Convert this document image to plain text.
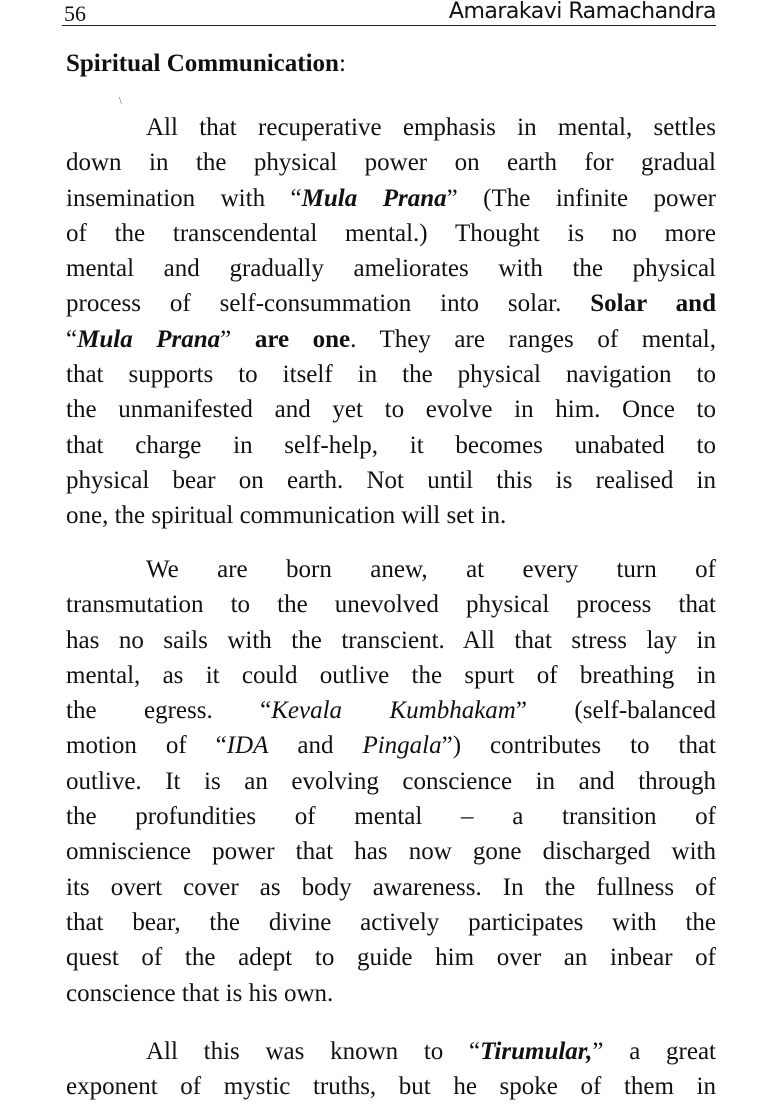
56	Amarakavi Ramachandra
Spiritual Communication:
\
All that recuperative emphasis in mental, settles
down in the physical power on earth for gradual
insemination with “Mula Prana” (The infinite power
of the transcendental mental.) Thought is no more
mental and gradually ameliorates with the physical
process of self-consummation into solar. Solar and
“Mula Prana” are one. They are ranges of mental,
that supports to itself in the physical navigation to
the unmanifested and yet to evolve in him. Once to
that charge in self-help, it becomes unabated to
physical bear on earth. Not until this is realised in
one, the spiritual communication will set in.
We are born anew, at every turn of
transmutation to the unevolved physical process that
has no sails with the transcient. All that stress lay in
mental, as it could outlive the spurt of breathing in
the egress. “Kevala Kumbhakam” (self-balanced
motion of “IDA and Pingala”) contributes to that
outlive. It is an evolving conscience in and through
the profundities of mental – a transition of
omniscience power that has now gone discharged with
its overt cover as body awareness. In the fullness of
that bear, the divine actively participates with the
quest of the adept to guide him over an inbear of
conscience that is his own.
All this was known to “Tirumular,” a great
exponent of mystic truths, but he spoke of them in
